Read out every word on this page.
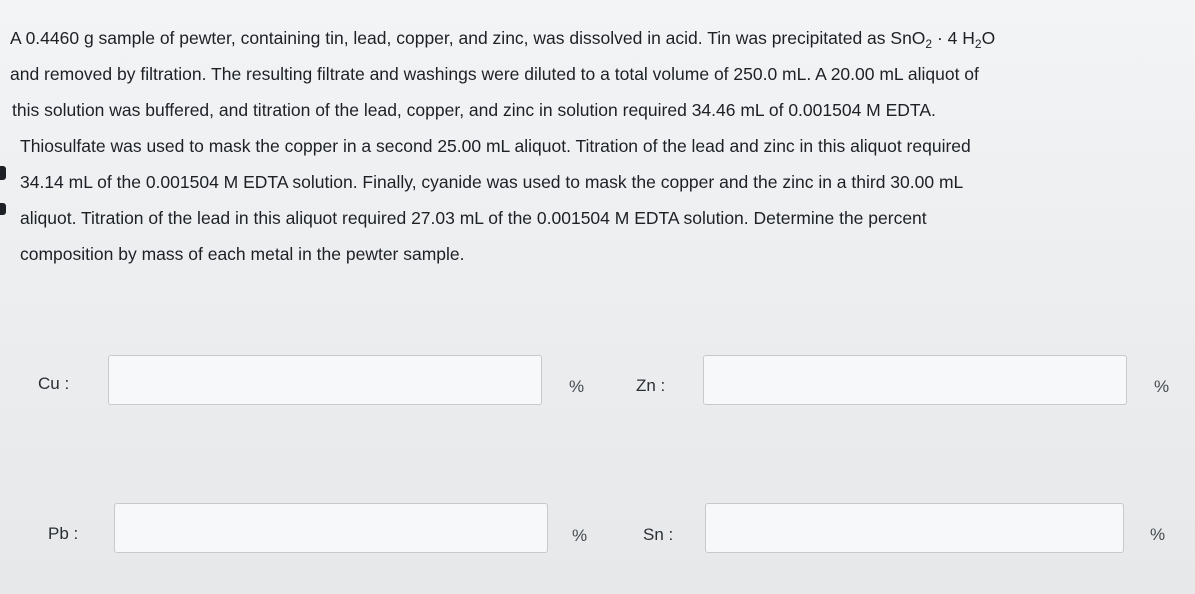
A 0.4460 g sample of pewter, containing tin, lead, copper, and zinc, was dissolved in acid. Tin was precipitated as SnO$_2$ · 4 $H_2O$

and removed by filtration. The resulting filtrate and washings were diluted to a total volume of 250.0 mL. A 20.00 mL aliquot of

this solution was buffered, and titration of the lead, copper, and zinc in solution required 34.46 mL of 0.001504 M EDTA.

Thiosulfate was used to mask the copper in a second 25.00 mL aliquot. Titration of the lead and zinc in this aliquot required

34.14 mL of the 0.001504 M EDTA solution. Finally, cyanide was used to mask the copper and the zinc in a third 30.00 mL

aliquot. Titration of the lead in this aliquot required 27.03 mL of the 0.001504 M EDTA solution. Determine the percent

composition by mass of each metal in the pewter sample.

Cu :	%	Zn :	%
Pb :	%	Sn :	%
